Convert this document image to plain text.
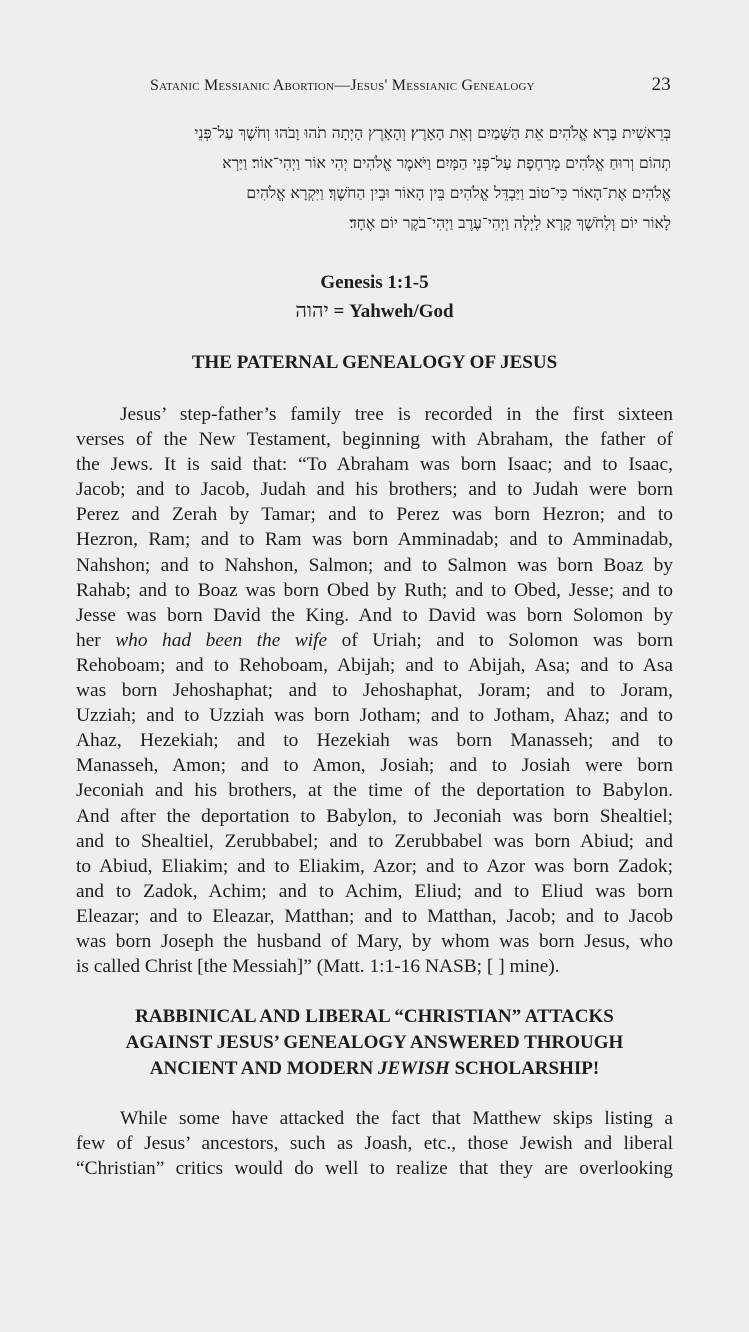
Satanic Messianic Abortion—Jesus' Messianic Genealogy	23

בְּרֵאשִׁית בָּרָא אֱלֹהִים אֵת הַשָּׁמַיִם וְאֵת הָאָרֶץ׃ וְהָאָרֶץ הָיְתָה תֹהוּ וָבֹהוּ וְחֹשֶׁךְ עַל־פְּנֵי

תְהוֹם וְרוּחַ אֱלֹהִים מְרַחֶפֶת עַל־פְּנֵי הַמָּיִם׃ וַיֹּאמֶר אֱלֹהִים יְהִי אוֹר וַיְהִי־אוֹר׃ וַיַּרְא

אֱלֹהִים אֶת־הָאוֹר כִּי־טוֹב וַיַּבְדֵּל אֱלֹהִים בֵּין הָאוֹר וּבֵין הַחֹשֶׁךְ׃ וַיִּקְרָא אֱלֹהִים

לָאוֹר יוֹם וְלַחֹשֶׁךְ קָרָא לָיְלָה וַיְהִי־עֶרֶב וַיְהִי־בֹקֶר יוֹם אֶחָד׃

Genesis 1:1-5
יהוה = Yahweh/God
THE PATERNAL GENEALOGY OF JESUS
Jesus’ step-father’s family tree is recorded in the first sixteen
verses of the New Testament, beginning with Abraham, the father of
the Jews. It is said that: “To Abraham was born Isaac; and to Isaac,
Jacob; and to Jacob, Judah and his brothers; and to Judah were born
Perez and Zerah by Tamar; and to Perez was born Hezron; and to
Hezron, Ram; and to Ram was born Amminadab; and to Amminadab,
Nahshon; and to Nahshon, Salmon; and to Salmon was born Boaz by
Rahab; and to Boaz was born Obed by Ruth; and to Obed, Jesse; and to
Jesse was born David the King. And to David was born Solomon by
her who had been the wife of Uriah; and to Solomon was born
Rehoboam; and to Rehoboam, Abijah; and to Abijah, Asa; and to Asa
was born Jehoshaphat; and to Jehoshaphat, Joram; and to Joram,
Uzziah; and to Uzziah was born Jotham; and to Jotham, Ahaz; and to
Ahaz, Hezekiah; and to Hezekiah was born Manasseh; and to
Manasseh, Amon; and to Amon, Josiah; and to Josiah were born
Jeconiah and his brothers, at the time of the deportation to Babylon.
And after the deportation to Babylon, to Jeconiah was born Shealtiel;
and to Shealtiel, Zerubbabel; and to Zerubbabel was born Abiud; and
to Abiud, Eliakim; and to Eliakim, Azor; and to Azor was born Zadok;
and to Zadok, Achim; and to Achim, Eliud; and to Eliud was born
Eleazar; and to Eleazar, Matthan; and to Matthan, Jacob; and to Jacob
was born Joseph the husband of Mary, by whom was born Jesus, who
is called Christ [the Messiah]” (Matt. 1:1-16 NASB; [ ] mine).

RABBINICAL AND LIBERAL “CHRISTIAN” ATTACKS

AGAINST JESUS’ GENEALOGY ANSWERED THROUGH

ANCIENT AND MODERN JEWISH SCHOLARSHIP!

While some have attacked the fact that Matthew skips listing a
few of Jesus’ ancestors, such as Joash, etc., those Jewish and liberal
“Christian” critics would do well to realize that they are overlooking
